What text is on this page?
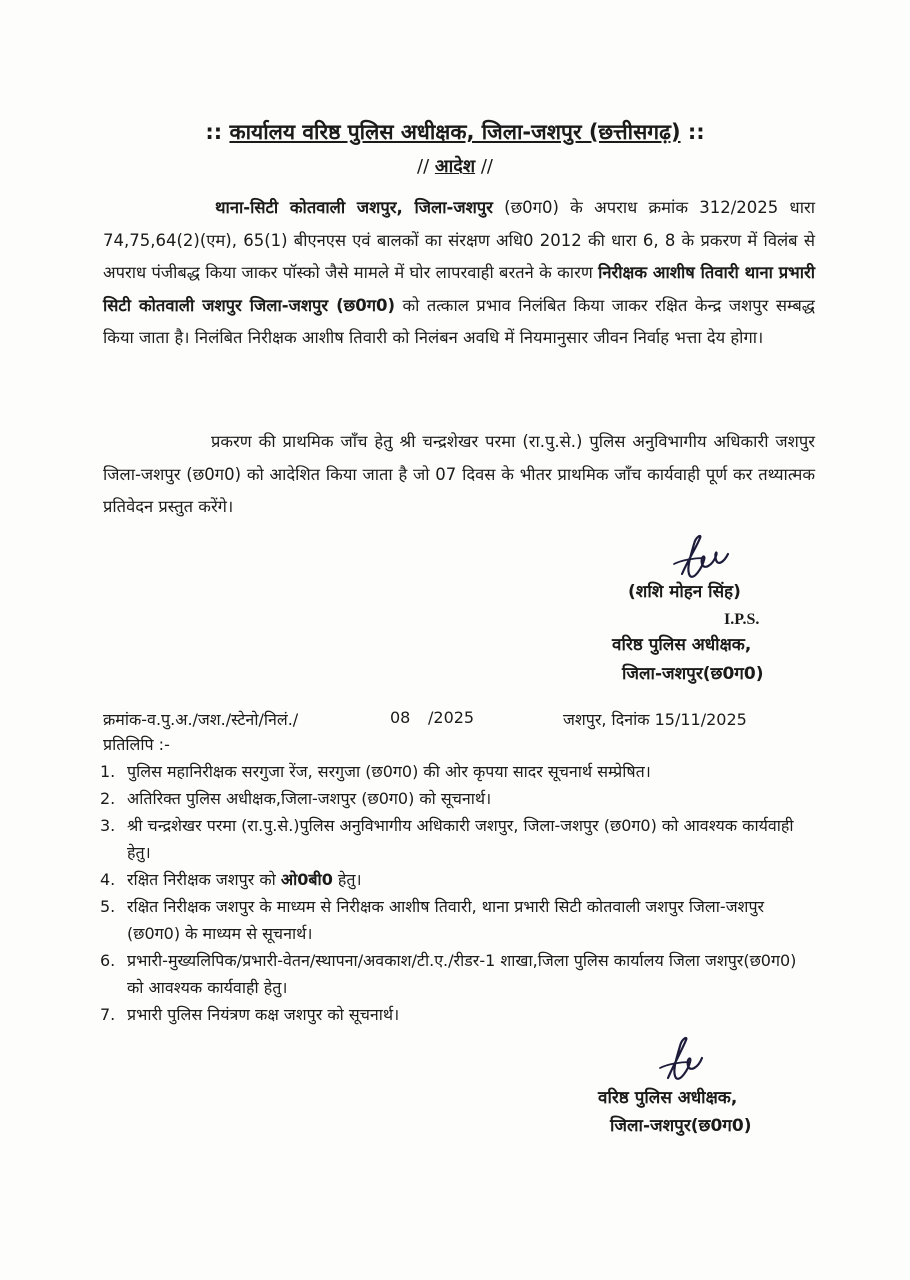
:: कार्यालय वरिष्ठ पुलिस अधीक्षक, जिला-जशपुर (छत्तीसगढ़) ::
// आदेश //
थाना-सिटी कोतवाली जशपुर, जिला-जशपुर (छ0ग0) के अपराध क्रमांक 312/2025 धारा 74,75,64(2)(एम), 65(1) बीएनएस एवं बालकों का संरक्षण अधि0 2012 की धारा 6, 8 के प्रकरण में विलंब से अपराध पंजीबद्ध किया जाकर पॉस्को जैसे मामले में घोर लापरवाही बरतने के कारण निरीक्षक आशीष तिवारी थाना प्रभारी सिटी कोतवाली जशपुर जिला-जशपुर (छ0ग0) को तत्काल प्रभाव निलंबित किया जाकर रक्षित केन्द्र जशपुर सम्बद्ध किया जाता है। निलंबित निरीक्षक आशीष तिवारी को निलंबन अवधि में नियमानुसार जीवन निर्वाह भत्ता देय होगा।
प्रकरण की प्राथमिक जाँच हेतु श्री चन्द्रशेखर परमा (रा.पु.से.) पुलिस अनुविभागीय अधिकारी जशपुर जिला-जशपुर (छ0ग0) को आदेशित किया जाता है जो 07 दिवस के भीतर प्राथमिक जाँच कार्यवाही पूर्ण कर तथ्यात्मक प्रतिवेदन प्रस्तुत करेंगे।
(शशि मोहन सिंह)
I.P.S.
वरिष्ठ पुलिस अधीक्षक,
जिला-जशपुर(छ0ग0)
क्रमांक-व.पु.अ./जश./स्टेनो/निलं./	08 /2025	जशपुर, दिनांक 15/11/2025
प्रतिलिपि :-
1. पुलिस महानिरीक्षक सरगुजा रेंज, सरगुजा (छ0ग0) की ओर कृपया सादर सूचनार्थ सम्प्रेषित।
2. अतिरिक्त पुलिस अधीक्षक,जिला-जशपुर (छ0ग0) को सूचनार्थ।
3. श्री चन्द्रशेखर परमा (रा.पु.से.)पुलिस अनुविभागीय अधिकारी जशपुर, जिला-जशपुर (छ0ग0) को आवश्यक कार्यवाही हेतु।
4. रक्षित निरीक्षक जशपुर को ओ0बी0 हेतु।
5. रक्षित निरीक्षक जशपुर के माध्यम से निरीक्षक आशीष तिवारी, थाना प्रभारी सिटी कोतवाली जशपुर जिला-जशपुर (छ0ग0) के माध्यम से सूचनार्थ।
6. प्रभारी-मुख्यलिपिक/प्रभारी-वेतन/स्थापना/अवकाश/टी.ए./रीडर-1 शाखा,जिला पुलिस कार्यालय जिला जशपुर(छ0ग0) को आवश्यक कार्यवाही हेतु।
7. प्रभारी पुलिस नियंत्रण कक्ष जशपुर को सूचनार्थ।
वरिष्ठ पुलिस अधीक्षक,
जिला-जशपुर(छ0ग0)
